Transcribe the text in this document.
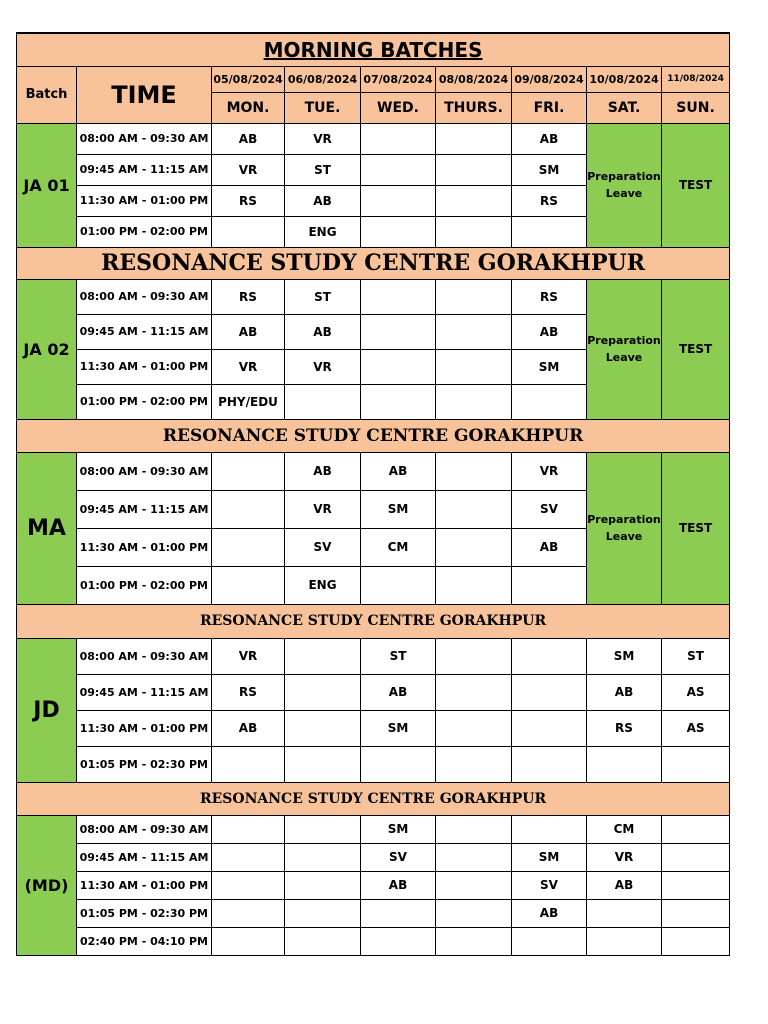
MORNING BATCHES								
Batch	TIME	05/08/2024	06/08/2024	07/08/2024	08/08/2024	09/08/2024	10/08/2024	11/08/2024
		MON.	TUE.	WED.	THURS.	FRI.	SAT.	SUN.
JA 01	08:00 AM - 09:30 AM	AB	VR			AB	Preparation Leave	TEST
	09:45 AM - 11:15 AM	VR	ST			SM		
	11:30 AM - 01:00 PM	RS	AB			RS		
	01:00 PM - 02:00 PM		ENG					
RESONANCE STUDY CENTRE GORAKHPUR								
JA 02	08:00 AM - 09:30 AM	RS	ST			RS	Preparation Leave	TEST
	09:45 AM - 11:15 AM	AB	AB			AB		
	11:30 AM - 01:00 PM	VR	VR			SM		
	01:00 PM - 02:00 PM	PHY/EDU						
RESONANCE STUDY CENTRE GORAKHPUR								
MA	08:00 AM - 09:30 AM		AB	AB		VR	Preparation Leave	TEST
	09:45 AM - 11:15 AM		VR	SM		SV		
	11:30 AM - 01:00 PM		SV	CM		AB		
	01:00 PM - 02:00 PM		ENG					
RESONANCE STUDY CENTRE GORAKHPUR								
JD	08:00 AM - 09:30 AM	VR		ST			SM	ST
	09:45 AM - 11:15 AM	RS		AB			AB	AS
	11:30 AM - 01:00 PM	AB		SM			RS	AS
	01:05 PM - 02:30 PM							
RESONANCE STUDY CENTRE GORAKHPUR								
(MD)	08:00 AM - 09:30 AM			SM			CM	
	09:45 AM - 11:15 AM			SV		SM	VR	
	11:30 AM - 01:00 PM			AB		SV	AB	
	01:05 PM - 02:30 PM					AB		
	02:40 PM - 04:10 PM							
